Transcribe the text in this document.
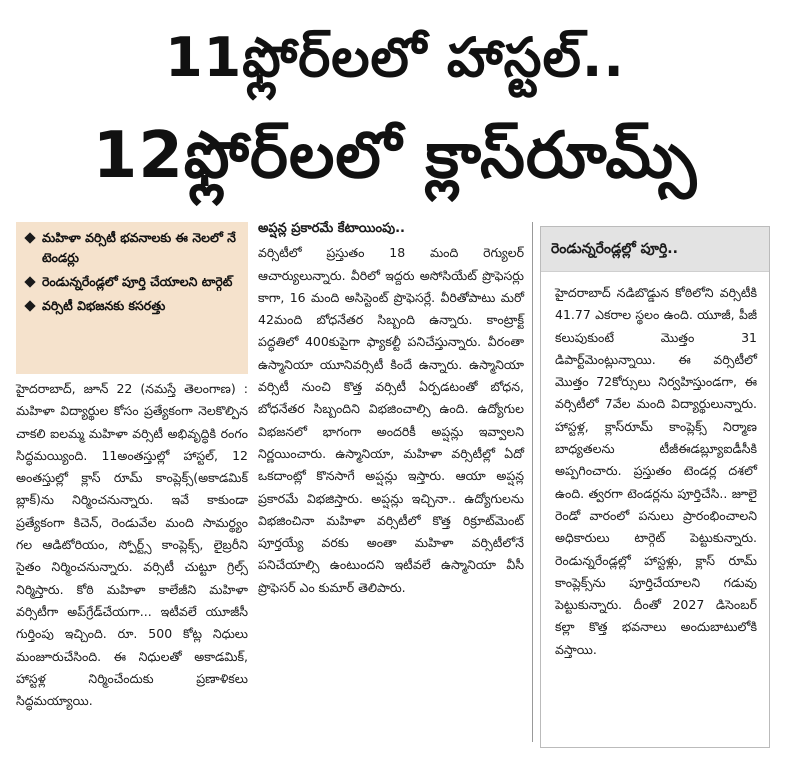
11ఫ్లోర్‌లలో హాస్టల్‌..
12ఫ్లోర్‌లలో క్లాస్‌రూమ్స్‌
మహిళా వర్సిటీ భవనాలకు ఈ నెలలో నే టెండర్లు
రెండున్నరేండ్లలో పూర్తి చేయాలని టార్గెట్‌
వర్సిటీ విభజనకు కసరత్తు
హైదరాబాద్‌, జూన్‌ 22 (నమస్తే తెలంగాణ) : మహిళా విద్యార్థుల కోసం ప్రత్యేకంగా నెలకొల్పిన చాకలి ఐలమ్మ మహిళా వర్సిటీ అభివృద్ధికి రంగం సిద్ధమయ్యింది. 11అంతస్తుల్లో హాస్టల్‌, 12 అంతస్తుల్లో క్లాస్‌ రూమ్‌ కాంప్లెక్స్‌(అకాడమిక్‌ బ్లాక్‌)ను నిర్మించనున్నారు. ఇవే కాకుండా ప్రత్యేకంగా కిచెన్‌, రెండువేల మంది సామర్థ్యం గల ఆడిటోరియం, స్పోర్ట్స్‌ కాంప్లెక్స్‌, లైబ్రరీని సైతం నిర్మించనున్నారు. వర్సిటీ చుట్టూ గ్రిల్స్‌ నిర్మిస్తారు. కోఠి మహిళా కాలేజీని మహిళా వర్సిటీగా అప్‌గ్రేడ్‌చేయగా... ఇటీవలే యూజీసీ గుర్తింపు ఇచ్చింది. రూ. 500 కోట్ల నిధులు మంజూరుచేసింది. ఈ నిధులతో అకాడమిక్‌, హాస్టళ్ల నిర్మించేందుకు ప్రణాళికలు సిద్ధమయ్యాయి.
అప్షన్ల ప్రకారమే కేటాయింపు..
వర్సిటీలో ప్రస్తుతం 18 మంది రెగ్యులర్‌ ఆచార్యులున్నారు. వీరిలో ఇద్దరు అసోసియేట్‌ ప్రొఫెసర్లు కాగా, 16 మంది అసిస్టెంట్‌ ప్రొఫెసర్లే. వీరితోపాటు మరో 42మంది బోధనేతర సిబ్బంది ఉన్నారు. కాంట్రాక్ట్‌ పద్ధతిలో 400కుపైగా ఫ్యాకల్టీ పనిచేస్తున్నారు. వీరంతా ఉస్మానియా యూనివర్సిటీ కిందే ఉన్నారు. ఉస్మానియా వర్సిటీ నుంచి కొత్త వర్సిటీ ఏర్పడటంతో బోధన, బోధనేతర సిబ్బందిని విభజించాల్సి ఉంది. ఉద్యోగుల విభజనలో భాగంగా అందరికీ అప్షన్లు ఇవ్వాలని నిర్ణయించారు. ఉస్మానియా, మహిళా వర్సిటీల్లో ఏదో ఒకదాంట్లో కొనసాగే అప్షన్లు ఇస్తారు. ఆయా అప్షన్ల ప్రకారమే విభజిస్తారు. అప్షన్లు ఇచ్చినా.. ఉద్యోగులను విభజించినా మహిళా వర్సిటీలో కొత్త రిక్రూట్‌మెంట్‌ పూర్తయ్యే వరకు అంతా మహిళా వర్సిటీలోనే పనిచేయాల్సి ఉంటుందని ఇటీవలే ఉస్మానియా వీసీ ప్రొఫెసర్‌ ఎం కుమార్‌ తెలిపారు.
రెండున్నరేండ్లల్లో పూర్తి..
హైదరాబాద్‌ నడిబొడ్డున కోఠిలోని వర్సిటీకి 41.77 ఎకరాల స్థలం ఉంది. యూజీ, పీజీ కలుపుకుంటే మొత్తం 31 డిపార్ట్‌మెంట్లున్నాయి. ఈ వర్సిటీలో మొత్తం 72కోర్సులు నిర్వహిస్తుండగా, ఈ వర్సిటీలో 7వేల మంది విద్యార్థులున్నారు. హాస్టళ్ల, క్లాస్‌రూమ్‌ కాంప్లెక్స్‌ నిర్మాణ బాధ్యతలను టీజీఈడబ్ల్యూఐడీసీకి అప్పగించారు. ప్రస్తుతం టెండర్ల దశలో ఉంది. త్వరగా టెండర్లను పూర్తిచేసి.. జూలై రెండో వారంలో పనులు ప్రారంభించాలని అధికారులు టార్గెట్‌ పెట్టుకున్నారు. రెండున్నరేండ్లల్లో హాస్టళ్లు, క్లాస్‌ రూమ్‌ కాంప్లెక్స్‌ను పూర్తిచేయాలని గడువు పెట్టుకున్నారు. దీంతో 2027 డిసెంబర్‌ కల్లా కొత్త భవనాలు అందుబాటులోకి వస్తాయి.
